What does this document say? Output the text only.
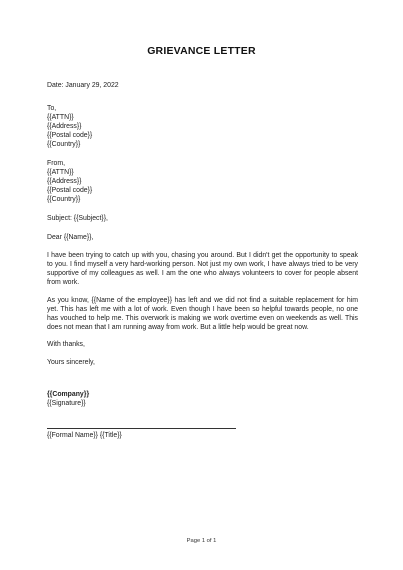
GRIEVANCE LETTER
Date: January 29, 2022
To,
{{ATTN}}
{{Address}}
{{Postal code}}
{{Country}}
From,
{{ATTN}}
{{Address}}
{{Postal code}}
{{Country}}
Subject: {{Subject}},
Dear {{Name}},
I have been trying to catch up with you, chasing you around. But I didn't get the opportunity to speak to you. I find myself a very hard-working person. Not just my own work, I have always tried to be very supportive of my colleagues as well. I am the one who always volunteers to cover for people absent from work.
As you know, {{Name of the employee}} has left and we did not find a suitable replacement for him yet. This has left me with a lot of work. Even though I have been so helpful towards people, no one has vouched to help me. This overwork is making we work overtime even on weekends as well. This does not mean that I am running away from work. But a little help would be great now.
With thanks,
Yours sincerely,
{{Company}}
{{Signature}}
{{Formal Name}} {{Title}}
Page 1 of 1
